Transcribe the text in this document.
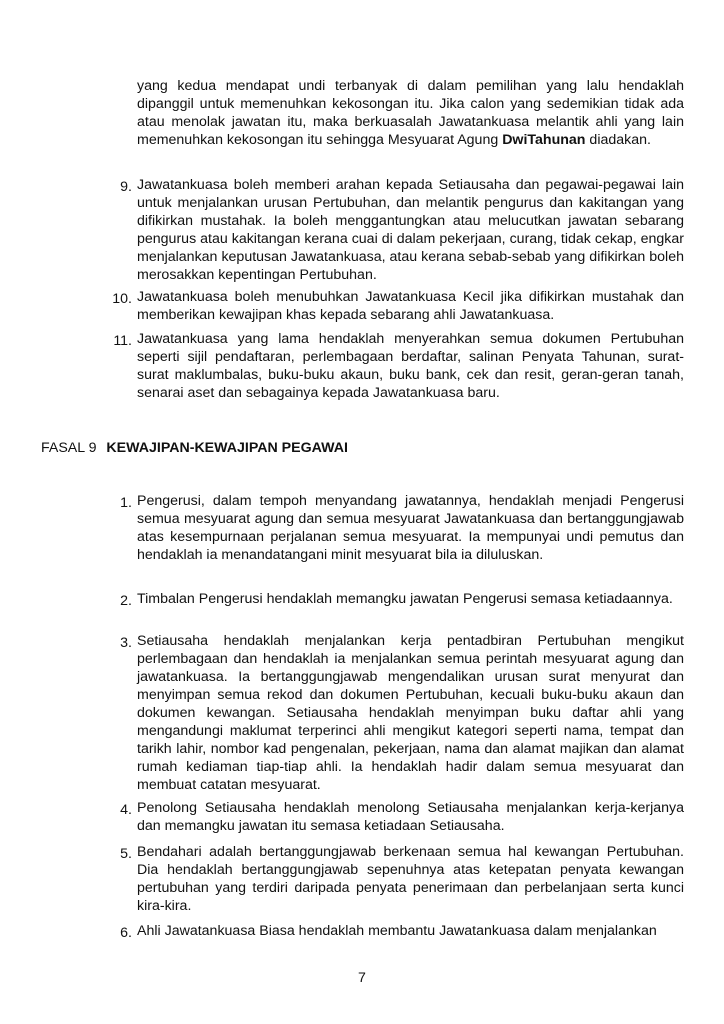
yang kedua mendapat undi terbanyak di dalam pemilihan yang lalu hendaklah dipanggil untuk memenuhkan kekosongan itu. Jika calon yang sedemikian tidak ada atau menolak jawatan itu, maka berkuasalah Jawatankuasa melantik ahli yang lain memenuhkan kekosongan itu sehingga Mesyuarat Agung DwiTahunan diadakan.
9. Jawatankuasa boleh memberi arahan kepada Setiausaha dan pegawai-pegawai lain untuk menjalankan urusan Pertubuhan, dan melantik pengurus dan kakitangan yang difikirkan mustahak. Ia boleh menggantungkan atau melucutkan jawatan sebarang pengurus atau kakitangan kerana cuai di dalam pekerjaan, curang, tidak cekap, engkar menjalankan keputusan Jawatankuasa, atau kerana sebab-sebab yang difikirkan boleh merosakkan kepentingan Pertubuhan.
10. Jawatankuasa boleh menubuhkan Jawatankuasa Kecil jika difikirkan mustahak dan memberikan kewajipan khas kepada sebarang ahli Jawatankuasa.
11. Jawatankuasa yang lama hendaklah menyerahkan semua dokumen Pertubuhan seperti sijil pendaftaran, perlembagaan berdaftar, salinan Penyata Tahunan, surat-surat maklumbalas, buku-buku akaun, buku bank, cek dan resit, geran-geran tanah, senarai aset dan sebagainya kepada Jawatankuasa baru.
FASAL 9 KEWAJIPAN-KEWAJIPAN PEGAWAI
1. Pengerusi, dalam tempoh menyandang jawatannya, hendaklah menjadi Pengerusi semua mesyuarat agung dan semua mesyuarat Jawatankuasa dan bertanggungjawab atas kesempurnaan perjalanan semua mesyuarat. Ia mempunyai undi pemutus dan hendaklah ia menandatangani minit mesyuarat bila ia diluluskan.
2. Timbalan Pengerusi hendaklah memangku jawatan Pengerusi semasa ketiadaannya.
3. Setiausaha hendaklah menjalankan kerja pentadbiran Pertubuhan mengikut perlembagaan dan hendaklah ia menjalankan semua perintah mesyuarat agung dan jawatankuasa. Ia bertanggungjawab mengendalikan urusan surat menyurat dan menyimpan semua rekod dan dokumen Pertubuhan, kecuali buku-buku akaun dan dokumen kewangan. Setiausaha hendaklah menyimpan buku daftar ahli yang mengandungi maklumat terperinci ahli mengikut kategori seperti nama, tempat dan tarikh lahir, nombor kad pengenalan, pekerjaan, nama dan alamat majikan dan alamat rumah kediaman tiap-tiap ahli. Ia hendaklah hadir dalam semua mesyuarat dan membuat catatan mesyuarat.
4. Penolong Setiausaha hendaklah menolong Setiausaha menjalankan kerja-kerjanya dan memangku jawatan itu semasa ketiadaan Setiausaha.
5. Bendahari adalah bertanggungjawab berkenaan semua hal kewangan Pertubuhan. Dia hendaklah bertanggungjawab sepenuhnya atas ketepatan penyata kewangan pertubuhan yang terdiri daripada penyata penerimaan dan perbelanjaan serta kunci kira-kira.
6. Ahli Jawatankuasa Biasa hendaklah membantu Jawatankuasa dalam menjalankan
7
